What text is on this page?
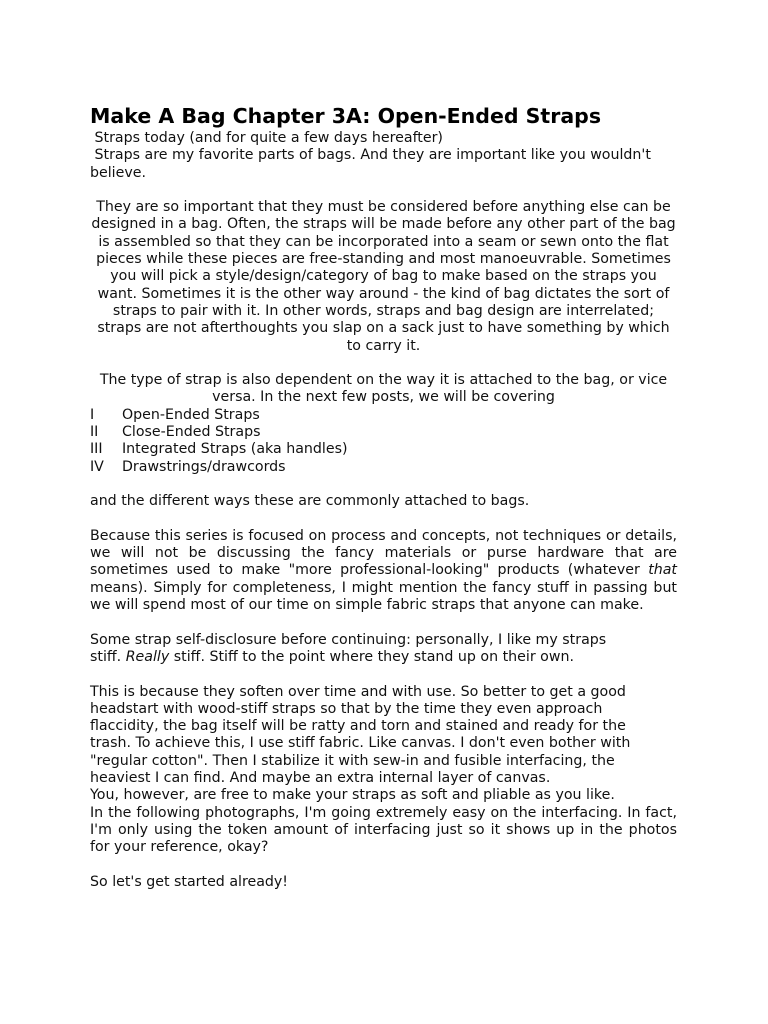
Make A Bag Chapter 3A: Open-Ended Straps

Straps today (and for quite a few days hereafter)

Straps are my favorite parts of bags. And they are important like you wouldn't believe.

They are so important that they must be considered before anything else can be designed in a bag. Often, the straps will be made before any other part of the bag is assembled so that they can be incorporated into a seam or sewn onto the flat pieces while these pieces are free-standing and most manoeuvrable. Sometimes you will pick a style/design/category of bag to make based on the straps you want. Sometimes it is the other way around - the kind of bag dictates the sort of straps to pair with it. In other words, straps and bag design are interrelated; straps are not afterthoughts you slap on a sack just to have something by which to carry it.

The type of strap is also dependent on the way it is attached to the bag, or vice versa. In the next few posts, we will be covering

I	Open-Ended Straps
II	Close-Ended Straps
III	Integrated Straps (aka handles)
IV	Drawstrings/drawcords

and the different ways these are commonly attached to bags.

Because this series is focused on process and concepts, not techniques or details, we will not be discussing the fancy materials or purse hardware that are sometimes used to make "more professional-looking" products (whatever that means). Simply for completeness, I might mention the fancy stuff in passing but we will spend most of our time on simple fabric straps that anyone can make.

Some strap self-disclosure before continuing: personally, I like my straps stiff. Really stiff. Stiff to the point where they stand up on their own.

This is because they soften over time and with use. So better to get a good headstart with wood-stiff straps so that by the time they even approach flaccidity, the bag itself will be ratty and torn and stained and ready for the trash. To achieve this, I use stiff fabric. Like canvas. I don't even bother with "regular cotton". Then I stabilize it with sew-in and fusible interfacing, the heaviest I can find. And maybe an extra internal layer of canvas.

You, however, are free to make your straps as soft and pliable as you like.

In the following photographs, I'm going extremely easy on the interfacing. In fact, I'm only using the token amount of interfacing just so it shows up in the photos for your reference, okay?

So let's get started already!
